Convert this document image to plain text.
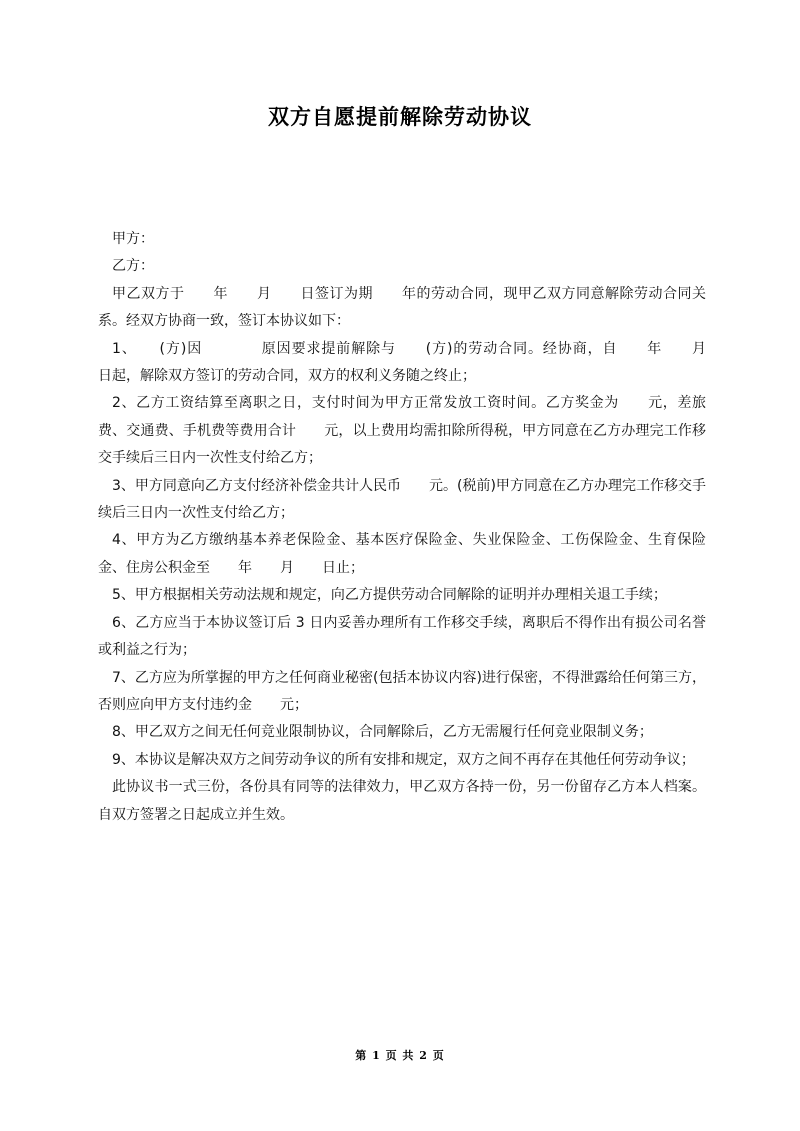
双方自愿提前解除劳动协议

甲方：

乙方：

甲乙双方于　　年　　月　　日签订为期　　年的劳动合同，现甲乙双方同意解除劳动合同关系。经双方协商一致，签订本协议如下：

1、　　(方)因　　　　原因要求提前解除与　　(方)的劳动合同。经协商，自　　年　　月　　日起，解除双方签订的劳动合同，双方的权利义务随之终止；

2、乙方工资结算至离职之日，支付时间为甲方正常发放工资时间。乙方奖金为　　元，差旅费、交通费、手机费等费用合计　　元，以上费用均需扣除所得税，甲方同意在乙方办理完工作移交手续后三日内一次性支付给乙方；

3、甲方同意向乙方支付经济补偿金共计人民币　　元。(税前)甲方同意在乙方办理完工作移交手续后三日内一次性支付给乙方；

4、甲方为乙方缴纳基本养老保险金、基本医疗保险金、失业保险金、工伤保险金、生育保险金、住房公积金至　　年　　月　　日止；

5、甲方根据相关劳动法规和规定，向乙方提供劳动合同解除的证明并办理相关退工手续；

6、乙方应当于本协议签订后 3 日内妥善办理所有工作移交手续，离职后不得作出有损公司名誉或利益之行为；

7、乙方应为所掌握的甲方之任何商业秘密(包括本协议内容)进行保密，不得泄露给任何第三方，否则应向甲方支付违约金　　元；

8、甲乙双方之间无任何竞业限制协议，合同解除后，乙方无需履行任何竞业限制义务；

9、本协议是解决双方之间劳动争议的所有安排和规定，双方之间不再存在其他任何劳动争议；

此协议书一式三份，各份具有同等的法律效力，甲乙双方各持一份，另一份留存乙方本人档案。自双方签署之日起成立并生效。

第 1 页 共 2 页
